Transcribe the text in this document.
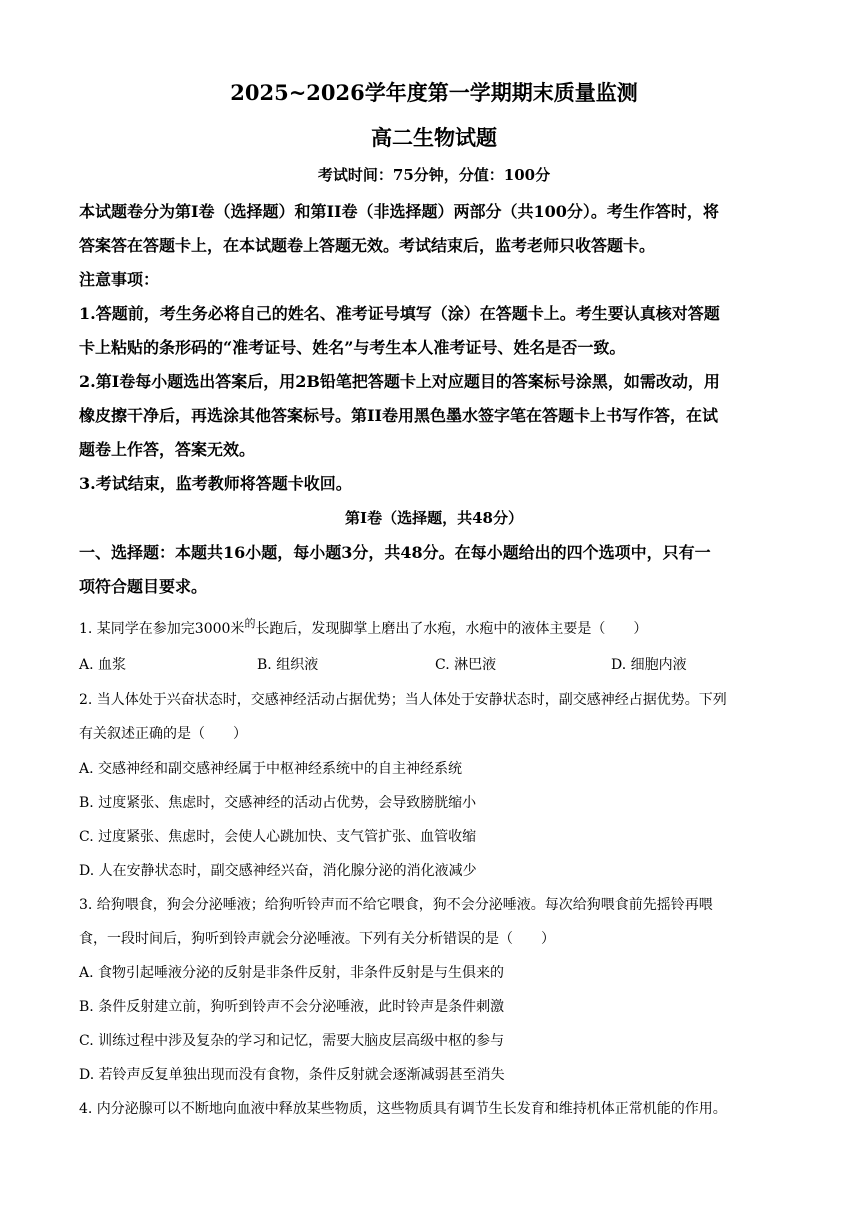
2025~2026学年度第一学期期末质量监测
高二生物试题
考试时间：75分钟，分值：100分
本试题卷分为第I卷（选择题）和第II卷（非选择题）两部分（共100分）。考生作答时，将
答案答在答题卡上，在本试题卷上答题无效。考试结束后，监考老师只收答题卡。
注意事项：
1.答题前，考生务必将自己的姓名、准考证号填写（涂）在答题卡上。考生要认真核对答题
卡上粘贴的条形码的“准考证号、姓名”与考生本人准考证号、姓名是否一致。
2.第I卷每小题选出答案后，用2B铅笔把答题卡上对应题目的答案标号涂黑，如需改动，用
橡皮擦干净后，再选涂其他答案标号。第II卷用黑色墨水签字笔在答题卡上书写作答，在试
题卷上作答，答案无效。
3.考试结束，监考教师将答题卡收回。
第I卷（选择题，共48分）
一、选择题：本题共16小题，每小题3分，共48分。在每小题给出的四个选项中，只有一
项符合题目要求。
1. 某同学在参加完3000米$^的$长跑后，发现脚掌上磨出了水疱，水疱中的液体主要是（　　）
A. 血浆	B. 组织液	C. 淋巴液	D. 细胞内液
2. 当人体处于兴奋状态时，交感神经活动占据优势；当人体处于安静状态时，副交感神经占据优势。下列
有关叙述正确的是（　　）
A. 交感神经和副交感神经属于中枢神经系统中的自主神经系统
B. 过度紧张、焦虑时，交感神经的活动占优势，会导致膀胱缩小
C. 过度紧张、焦虑时，会使人心跳加快、支气管扩张、血管收缩
D. 人在安静状态时，副交感神经兴奋，消化腺分泌的消化液减少
3. 给狗喂食，狗会分泌唾液；给狗听铃声而不给它喂食，狗不会分泌唾液。每次给狗喂食前先摇铃再喂
食，一段时间后，狗听到铃声就会分泌唾液。下列有关分析错误的是（　　）
A. 食物引起唾液分泌的反射是非条件反射，非条件反射是与生俱来的
B. 条件反射建立前，狗听到铃声不会分泌唾液，此时铃声是条件刺激
C. 训练过程中涉及复杂的学习和记忆，需要大脑皮层高级中枢的参与
D. 若铃声反复单独出现而没有食物，条件反射就会逐渐减弱甚至消失
4. 内分泌腺可以不断地向血液中释放某些物质，这些物质具有调节生长发育和维持机体正常机能的作用。
